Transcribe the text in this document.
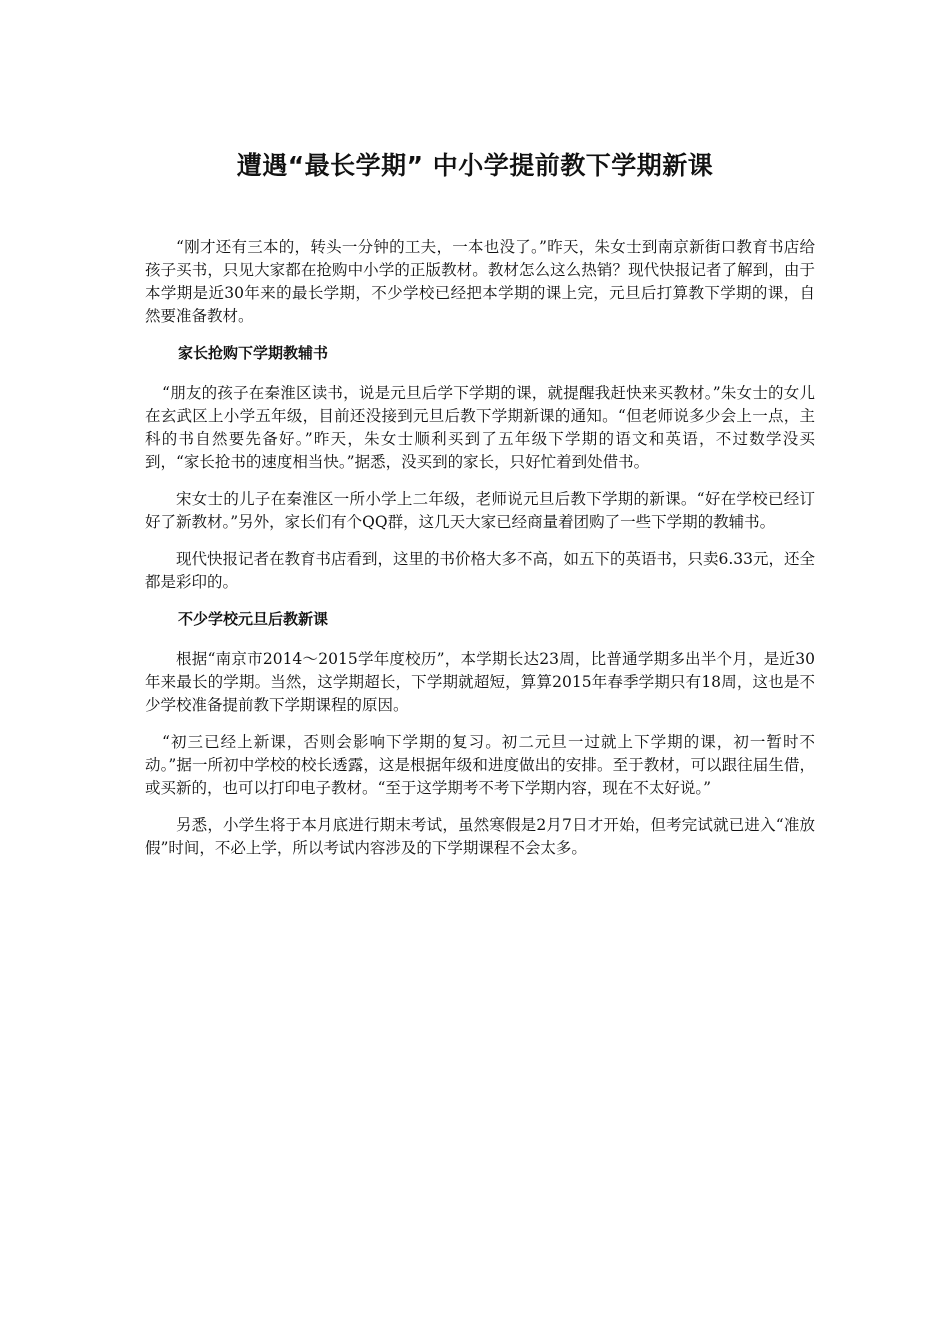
遭遇“最长学期” 中小学提前教下学期新课

“刚才还有三本的，转头一分钟的工夫，一本也没了。”昨天，朱女士到南京新街口教育书店给孩子买书，只见大家都在抢购中小学的正版教材。教材怎么这么热销？现代快报记者了解到，由于本学期是近30年来的最长学期，不少学校已经把本学期的课上完，元旦后打算教下学期的课，自然要准备教材。

家长抢购下学期教辅书

“朋友的孩子在秦淮区读书，说是元旦后学下学期的课，就提醒我赶快来买教材。”朱女士的女儿在玄武区上小学五年级，目前还没接到元旦后教下学期新课的通知。“但老师说多少会上一点，主科的书自然要先备好。”昨天，朱女士顺利买到了五年级下学期的语文和英语，不过数学没买到，“家长抢书的速度相当快。”据悉，没买到的家长，只好忙着到处借书。

宋女士的儿子在秦淮区一所小学上二年级，老师说元旦后教下学期的新课。“好在学校已经订好了新教材。”另外，家长们有个QQ群，这几天大家已经商量着团购了一些下学期的教辅书。

现代快报记者在教育书店看到，这里的书价格大多不高，如五下的英语书，只卖6.33元，还全都是彩印的。

不少学校元旦后教新课

根据“南京市2014～2015学年度校历”，本学期长达23周，比普通学期多出半个月，是近30年来最长的学期。当然，这学期超长，下学期就超短，算算2015年春季学期只有18周，这也是不少学校准备提前教下学期课程的原因。

“初三已经上新课，否则会影响下学期的复习。初二元旦一过就上下学期的课，初一暂时不动。”据一所初中学校的校长透露，这是根据年级和进度做出的安排。至于教材，可以跟往届生借，或买新的，也可以打印电子教材。“至于这学期考不考下学期内容，现在不太好说。”

另悉，小学生将于本月底进行期末考试，虽然寒假是2月7日才开始，但考完试就已进入“准放假”时间，不必上学，所以考试内容涉及的下学期课程不会太多。
